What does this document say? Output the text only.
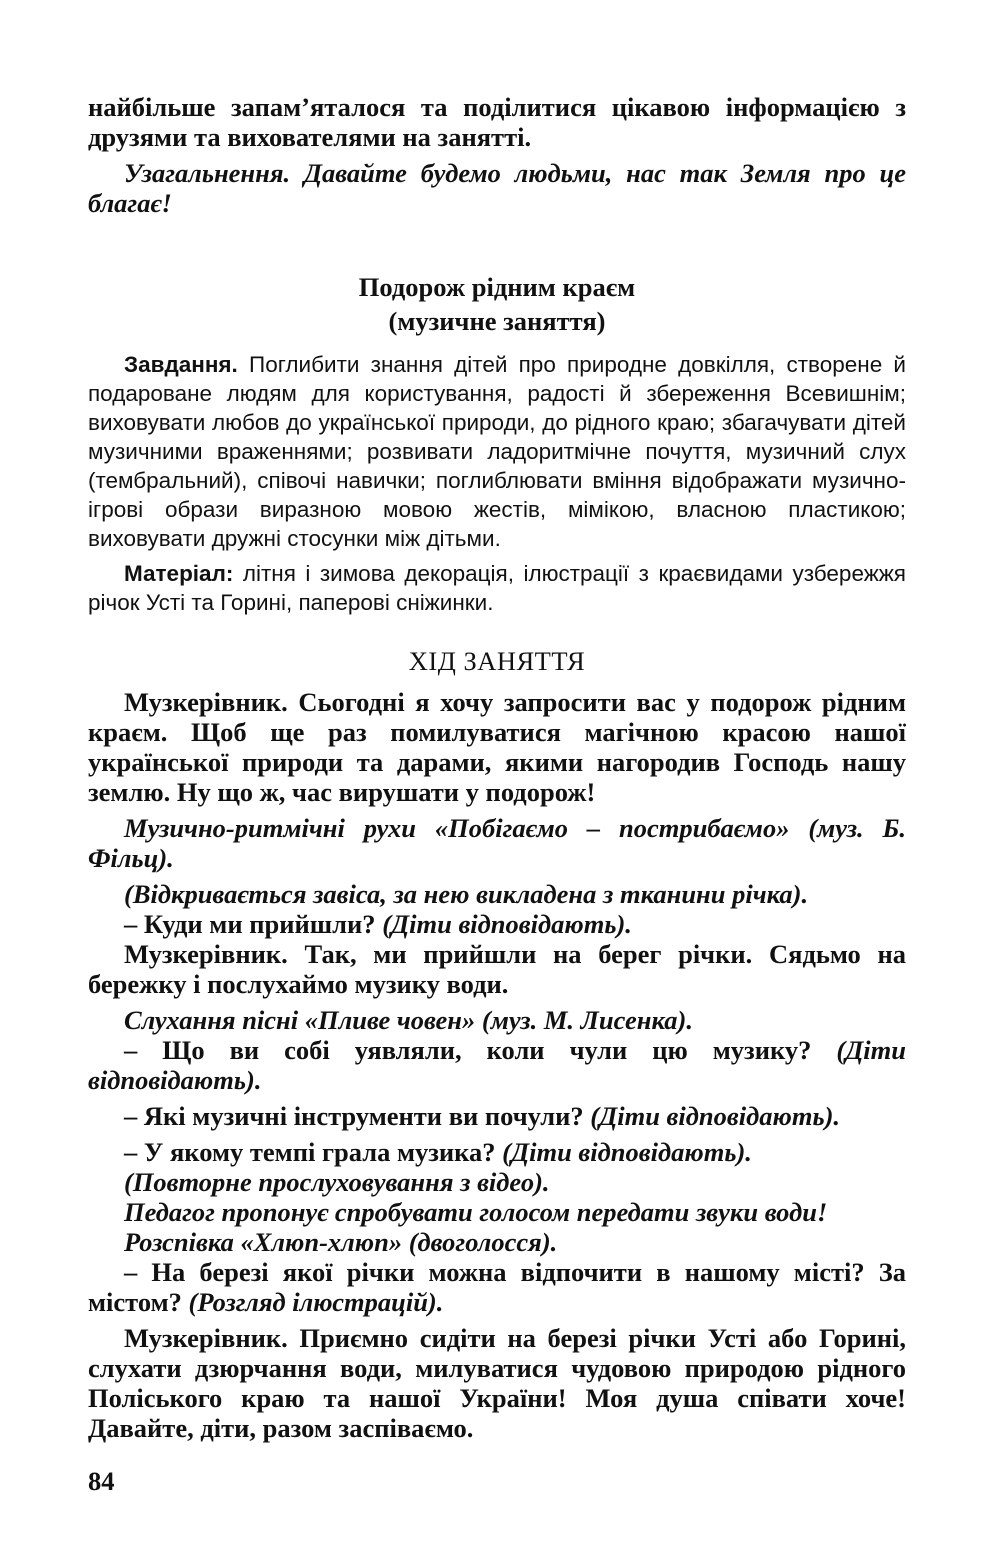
найбільше запам’яталося та поділитися цікавою інформацією з друзями та вихователями на занятті.

Узагальнення. Давайте будемо людьми, нас так Земля про це благає!

Подорож рідним краєм
(музичне заняття)

Завдання. Поглибити знання дітей про природне довкілля, створене й подароване людям для користування, радості й збереження Всевишнім; виховувати любов до української природи, до рідного краю; збагачувати дітей музичними враженнями; розвивати ладоритмічне почуття, музичний слух (тембральний), співочі навички; поглиблювати вміння відображати музично-ігрові образи виразною мовою жестів, мімікою, власною пластикою; виховувати дружні стосунки між дітьми.

Матеріал: літня і зимова декорація, ілюстрації з краєвидами узбережжя річок Усті та Горині, паперові сніжинки.

ХІД ЗАНЯТТЯ

Музкерівник. Сьогодні я хочу запросити вас у подорож рідним краєм. Щоб ще раз помилуватися магічною красою нашої української природи та дарами, якими нагородив Господь нашу землю. Ну що ж, час вирушати у подорож!

Музично-ритмічні рухи «Побігаємо – пострибаємо» (муз. Б. Фільц).

(Відкривається завіса, за нею викладена з тканини річка).

– Куди ми прийшли? (Діти відповідають).

Музкерівник. Так, ми прийшли на берег річки. Сядьмо на бережку і послухаймо музику води.

Слухання пісні «Пливе човен» (муз. М. Лисенка).

– Що ви собі уявляли, коли чули цю музику? (Діти відповідають).

– Які музичні інструменти ви почули? (Діти відповідають).

– У якому темпі грала музика? (Діти відповідають).

(Повторне прослуховування з відео).

Педагог пропонує спробувати голосом передати звуки води!

Розспівка «Хлюп-хлюп» (двоголосся).

– На березі якої річки можна відпочити в нашому місті? За містом? (Розгляд ілюстрацій).

Музкерівник. Приємно сидіти на березі річки Усті або Горині, слухати дзюрчання води, милуватися чудовою природою рідного Поліського краю та нашої України! Моя душа співати хоче! Давайте, діти, разом заспіваємо.

84
